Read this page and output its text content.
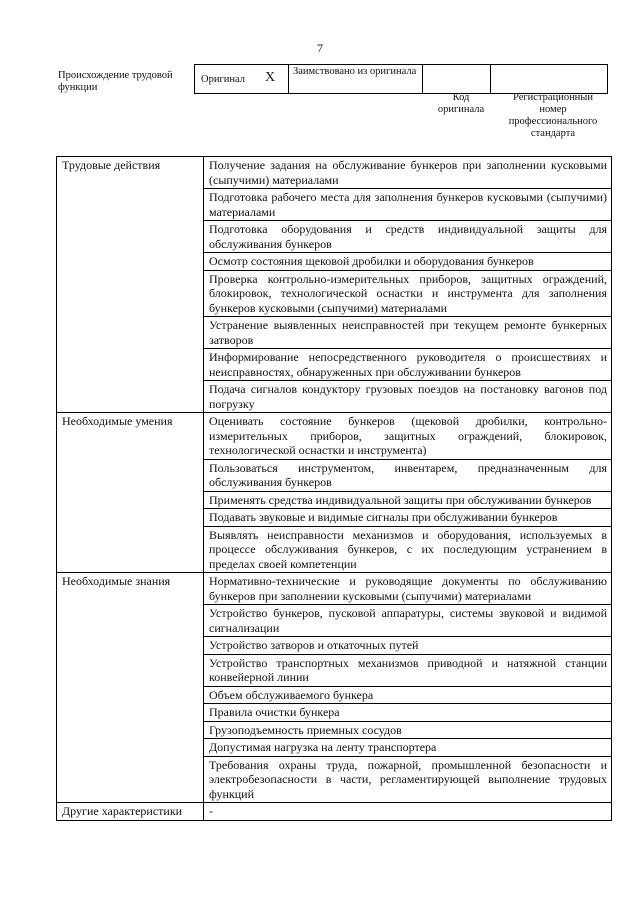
7
Происхождение трудовой функции
Оригинал X Заимствовано из оригинала
Код оригинала
Регистрационный номер профессионального стандарта
Трудовые действия	Получение задания на обслуживание бункеров при заполнении кусковыми (сыпучими) материалами
	Подготовка рабочего места для заполнения бункеров кусковыми (сыпучими) материалами
	Подготовка оборудования и средств индивидуальной защиты для обслуживания бункеров
	Осмотр состояния щековой дробилки и оборудования бункеров
	Проверка контрольно-измерительных приборов, защитных ограждений, блокировок, технологической оснастки и инструмента для заполнения бункеров кусковыми (сыпучими) материалами
	Устранение выявленных неисправностей при текущем ремонте бункерных затворов
	Информирование непосредственного руководителя о происшествиях и неисправностях, обнаруженных при обслуживании бункеров
	Подача сигналов кондуктору грузовых поездов на постановку вагонов под погрузку
Необходимые умения	Оценивать состояние бункеров (щековой дробилки, контрольно-измерительных приборов, защитных ограждений, блокировок, технологической оснастки и инструмента)
	Пользоваться инструментом, инвентарем, предназначенным для обслуживания бункеров
	Применять средства индивидуальной защиты при обслуживании бункеров
	Подавать звуковые и видимые сигналы при обслуживании бункеров
	Выявлять неисправности механизмов и оборудования, используемых в процессе обслуживания бункеров, с их последующим устранением в пределах своей компетенции
Необходимые знания	Нормативно-технические и руководящие документы по обслуживанию бункеров при заполнении кусковыми (сыпучими) материалами
	Устройство бункеров, пусковой аппаратуры, системы звуковой и видимой сигнализации
	Устройство затворов и откаточных путей
	Устройство транспортных механизмов приводной и натяжной станции конвейерной линии
	Объем обслуживаемого бункера
	Правила очистки бункера
	Грузоподъемность приемных сосудов
	Допустимая нагрузка на ленту транспортера
	Требования охраны труда, пожарной, промышленной безопасности и электробезопасности в части, регламентирующей выполнение трудовых функций
Другие характеристики	-
